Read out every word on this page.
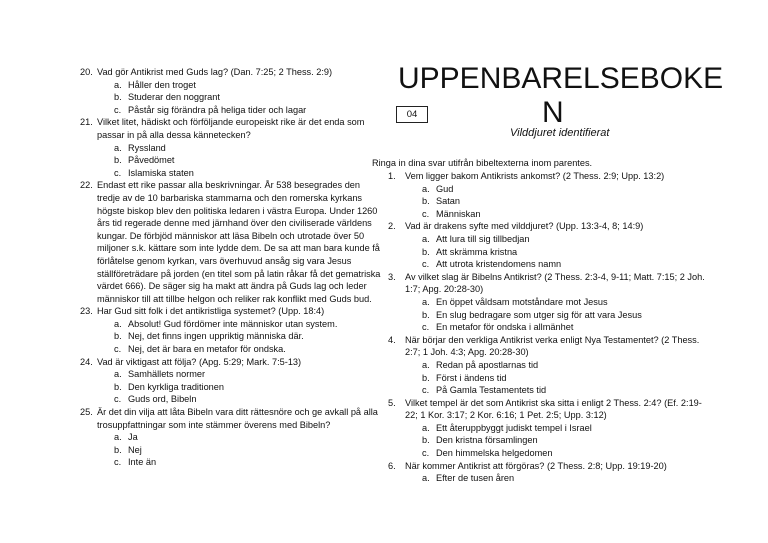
20. Vad gör Antikrist med Guds lag? (Dan. 7:25; 2 Thess. 2:9)
a. Håller den troget
b. Studerar den noggrant
c. Påstår sig förändra på heliga tider och lagar
21. Vilket litet, hädiskt och förföljande europeiskt rike är det enda som passar in på alla dessa kännetecken?
a. Ryssland
b. Påvedömet
c. Islamiska staten
22. Endast ett rike passar alla beskrivningar. År 538 besegrades den tredje av de 10 barbariska stammarna och den romerska kyrkans högste biskop blev den politiska ledaren i västra Europa. Under 1260 års tid regerade denne med järnhand över den civiliserade världens kungar. De förbjöd människor att läsa Bibeln och utrotade över 50 miljoner s.k. kättare som inte lydde dem. De sa att man bara kunde få förlåtelse genom kyrkan, vars överhuvud ansåg sig vara Jesus ställföreträdare på jorden (en titel som på latin råkar få det gematriska värdet 666). De säger sig ha makt att ändra på Guds lag och leder människor till att tillbe helgon och reliker rak konflikt med Guds bud.
23. Har Gud sitt folk i det antikristliga systemet? (Upp. 18:4)
a. Absolut! Gud fördömer inte människor utan system.
b. Nej, det finns ingen uppriktig människa där.
c. Nej, det är bara en metafor för ondska.
24. Vad är viktigast att följa? (Apg. 5:29; Mark. 7:5-13)
a. Samhällets normer
b. Den kyrkliga traditionen
c. Guds ord, Bibeln
25. Är det din vilja att låta Bibeln vara ditt rättesnöre och ge avkall på alla trosuppfattningar som inte stämmer överens med Bibeln?
a. Ja
b. Nej
c. Inte än
UPPENBARELSEBOKE
N
04
Vilddjuret identifierat
Ringa in dina svar utifrån bibeltexterna inom parentes.
1.	Vem ligger bakom Antikrists ankomst? (2 Thess. 2:9; Upp. 13:2)
a. Gud
b. Satan
c. Människan
2.	Vad är drakens syfte med vilddjuret? (Upp. 13:3-4, 8; 14:9)
a. Att lura till sig tillbedjan
b. Att skrämma kristna
c. Att utrota kristendomens namn
3.	Av vilket slag är Bibelns Antikrist? (2 Thess. 2:3-4, 9-11; Matt. 7:15; 2 Joh. 1:7; Apg. 20:28-30)
a. En öppet våldsam motståndare mot Jesus
b. En slug bedragare som utger sig för att vara Jesus
c. En metafor för ondska i allmänhet
4.	När börjar den verkliga Antikrist verka enligt Nya Testamentet? (2 Thess. 2:7; 1 Joh. 4:3; Apg. 20:28-30)
a. Redan på apostlarnas tid
b. Först i ändens tid
c. På Gamla Testamentets tid
5.	Vilket tempel är det som Antikrist ska sitta i enligt 2 Thess. 2:4? (Ef. 2:19-22; 1 Kor. 3:17; 2 Kor. 6:16; 1 Pet. 2:5; Upp. 3:12)
a. Ett återuppbyggt judiskt tempel i Israel
b. Den kristna församlingen
c. Den himmelska helgedomen
6.	När kommer Antikrist att förgöras? (2 Thess. 2:8; Upp. 19:19-20)
a. Efter de tusen åren
